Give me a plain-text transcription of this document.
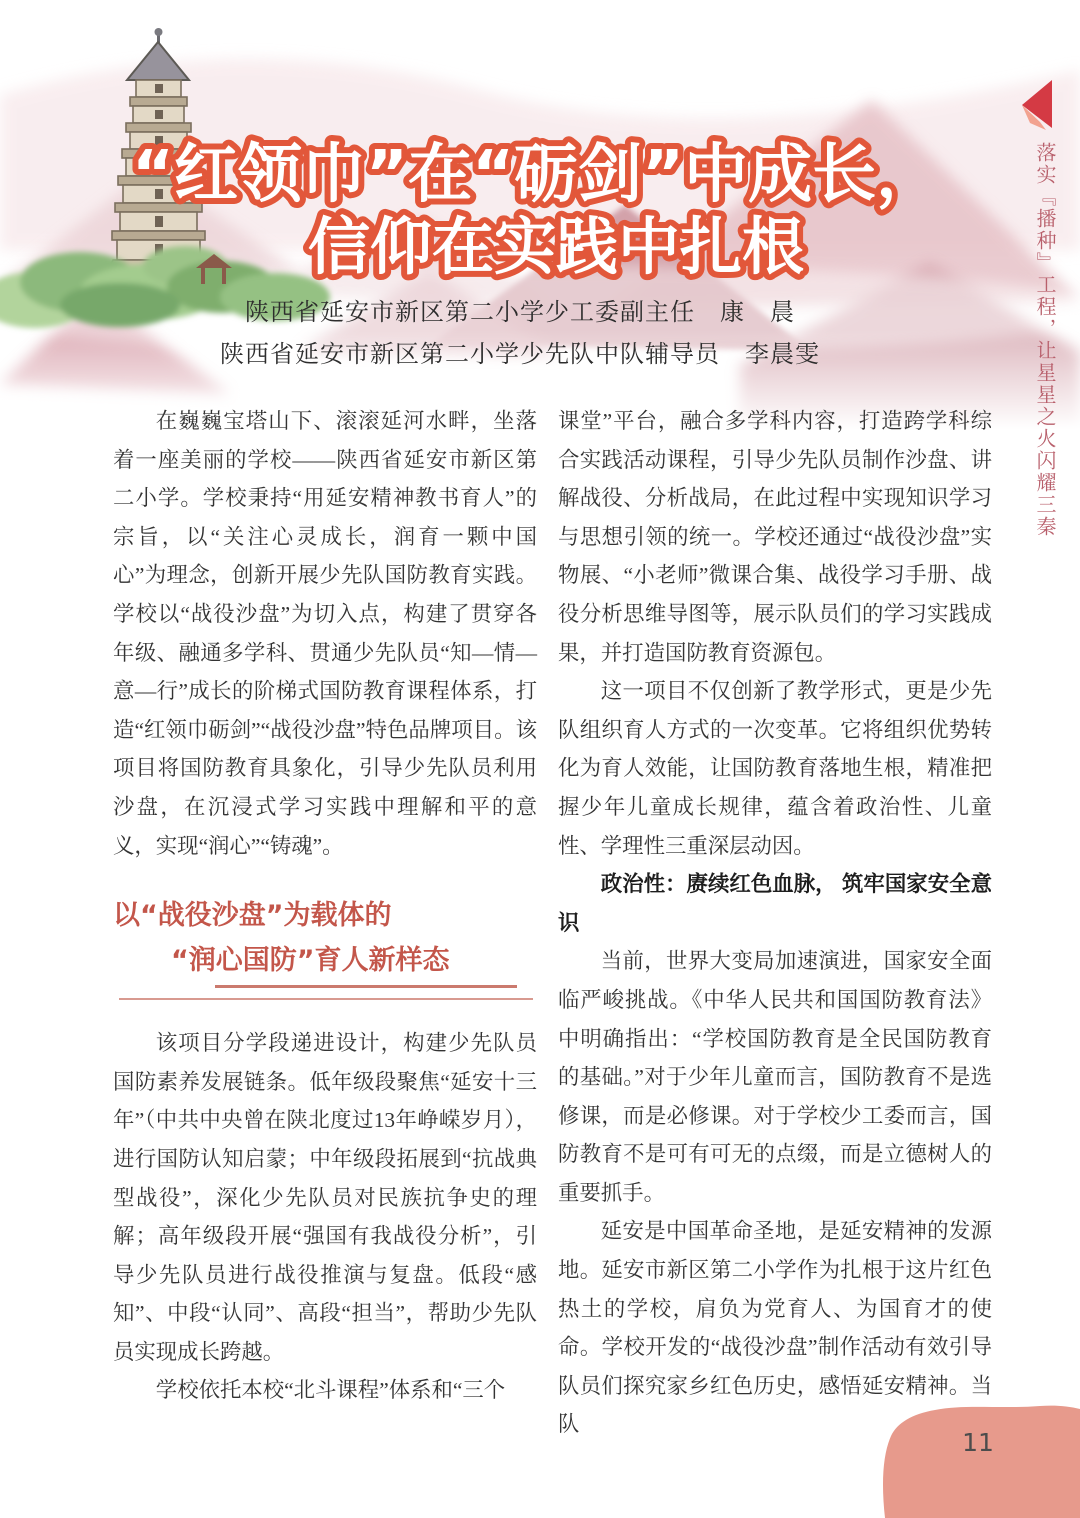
“红领巾”在“砺剑”中成长，
信仰在实践中扎根
陕西省延安市新区第二小学少工委副主任　康　晨
陕西省延安市新区第二小学少先队中队辅导员　李晨雯	落实『播种』工程，让星星之火闪耀三秦

在巍巍宝塔山下、滚滚延河水畔，坐落着一座美丽的学校——陕西省延安市新区第二小学。学校秉持“用延安精神教书育人”的宗旨，以“关注心灵成长，润育一颗中国心”为理念，创新开展少先队国防教育实践。学校以“战役沙盘”为切入点，构建了贯穿各年级、融通多学科、贯通少先队员“知—情—意—行”成长的阶梯式国防教育课程体系，打造“红领巾砺剑”“战役沙盘”特色品牌项目。该项目将国防教育具象化，引导少先队员利用沙盘，在沉浸式学习实践中理解和平的意义，实现“润心”“铸魂”。

以“战役沙盘”为载体的
“润心国防”育人新样态

该项目分学段递进设计，构建少先队员国防素养发展链条。低年级段聚焦“延安十三年”（中共中央曾在陕北度过13年峥嵘岁月），进行国防认知启蒙；中年级段拓展到“抗战典型战役”，深化少先队员对民族抗争史的理解；高年级段开展“强国有我战役分析”，引导少先队员进行战役推演与复盘。低段“感知”、中段“认同”、高段“担当”，帮助少先队员实现成长跨越。

学校依托本校“北斗课程”体系和“三个

课堂”平台，融合多学科内容，打造跨学科综合实践活动课程，引导少先队员制作沙盘、讲解战役、分析战局，在此过程中实现知识学习与思想引领的统一。学校还通过“战役沙盘”实物展、“小老师”微课合集、战役学习手册、战役分析思维导图等，展示队员们的学习实践成果，并打造国防教育资源包。

这一项目不仅创新了教学形式，更是少先队组织育人方式的一次变革。它将组织优势转化为育人效能，让国防教育落地生根，精准把握少年儿童成长规律，蕴含着政治性、儿童性、学理性三重深层动因。

政治性：赓续红色血脉， 筑牢国家安全意识

当前，世界大变局加速演进，国家安全面临严峻挑战。《中华人民共和国国防教育法》中明确指出：“学校国防教育是全民国防教育的基础。”对于少年儿童而言，国防教育不是选修课，而是必修课。对于学校少工委而言，国防教育不是可有可无的点缀，而是立德树人的重要抓手。

延安是中国革命圣地，是延安精神的发源地。延安市新区第二小学作为扎根于这片红色热土的学校，肩负为党育人、为国育才的使命。学校开发的“战役沙盘”制作活动有效引导队员们探究家乡红色历史，感悟延安精神。当队

11
